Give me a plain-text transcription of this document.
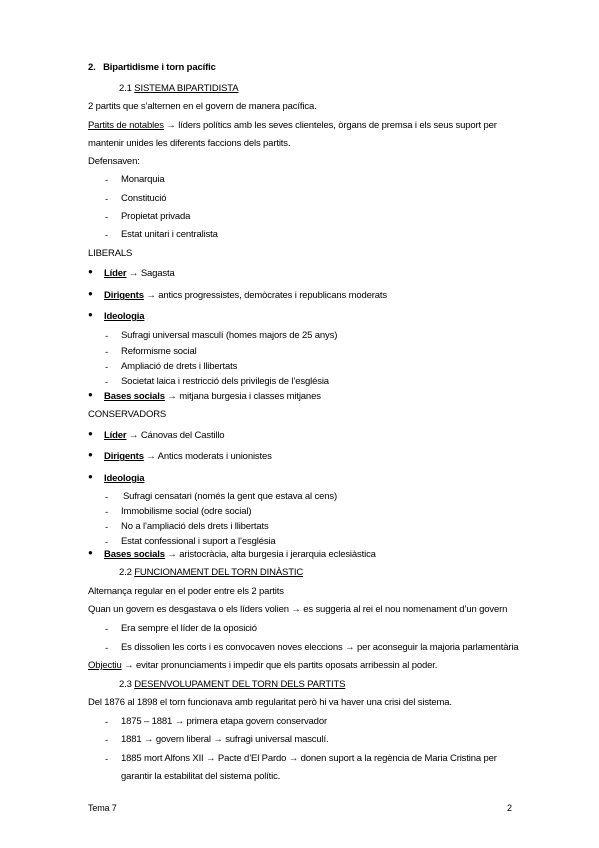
2. Bipartidisme i torn pacífic
2.1 SISTEMA BIPARTIDISTA
2 partits que s’alternen en el govern de manera pacífica.
Partits de notables → líders polítics amb les seves clienteles, òrgans de premsa i els seus suport per
mantenir unides les diferents faccions dels partits.
Defensaven:
- Monarquia
- Constitució
- Propietat privada
- Estat unitari i centralista
LIBERALS
● Líder → Sagasta
● Dirigents → antics progressistes, demòcrates i republicans moderats
● Ideologia
- Sufragi universal masculí (homes majors de 25 anys)
- Reformisme social
- Ampliació de drets i llibertats
- Societat laica i restricció dels privilegis de l’església
● Bases socials → mitjana burgesia i classes mitjanes
CONSERVADORS
● Líder → Cánovas del Castillo
● Dirigents → Antics moderats i unionistes
● Ideologia
- Sufragi censatari (només la gent que estava al cens)
- Immobilisme social (odre social)
- No a l’ampliació dels drets i llibertats
- Estat confessional i suport a l’església
● Bases socials → aristocràcia, alta burgesia i jerarquia eclesiàstica
2.2 FUNCIONAMENT DEL TORN DINÀSTIC
Alternança regular en el poder entre els 2 partits
Quan un govern es desgastava o els líders volien → es suggeria al rei el nou nomenament d’un govern
- Era sempre el líder de la oposició
- Es dissolien les corts i es convocaven noves eleccions → per aconseguir la majoria parlamentària
Objectiu → evitar pronunciaments i impedir que els partits oposats arribessin al poder.
2.3 DESENVOLUPAMENT DEL TORN DELS PARTITS
Del 1876 al 1898 el torn funcionava amb regularitat però hi va haver una crisi del sistema.
- 1875 – 1881 → primera etapa govern conservador
- 1881 → govern liberal → sufragi universal masculí.
- 1885 mort Alfons XII → Pacte d’El Pardo → donen suport a la regència de Maria Cristina per
garantir la estabilitat del sistema polític.
Tema 7	2
